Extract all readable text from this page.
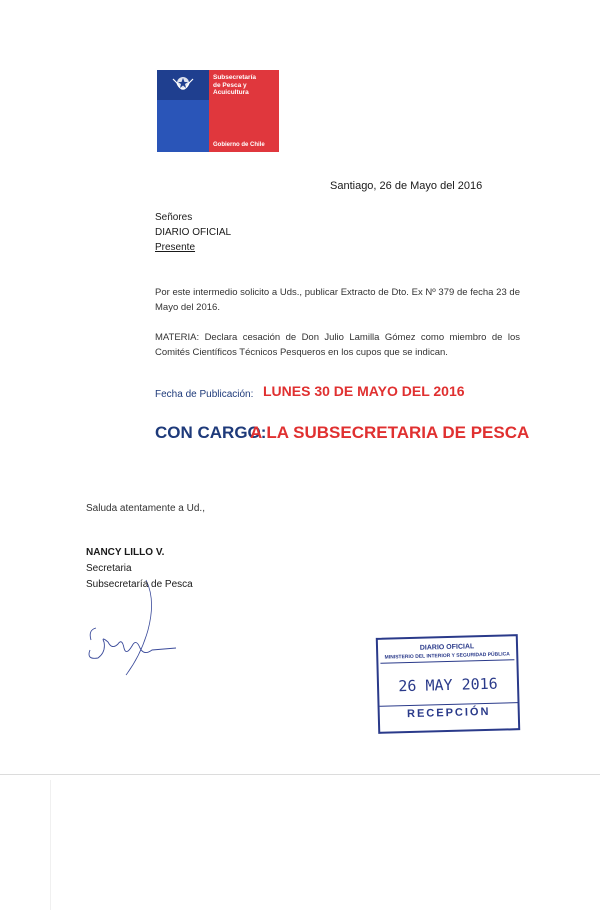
Subsecretaría
de Pesca y
Acuicultura
Gobierno de Chile
Santiago, 26 de Mayo del 2016
Señores
DIARIO OFICIAL
Presente
Por este intermedio solicito a Uds., publicar Extracto de Dto. Ex Nº 379 de fecha 23 de Mayo del 2016.
MATERIA: Declara cesación de Don Julio Lamilla Gómez como miembro de los Comités Científicos Técnicos Pesqueros en los cupos que se indican.
Fecha de Publicación: LUNES 30 DE MAYO DEL 2016
CON CARGO:
A LA SUBSECRETARIA DE PESCA
Saluda atentamente a Ud.,
NANCY LILLO V.
Secretaria
Subsecretaría de Pesca
DIARIO OFICIAL
MINISTERIO DEL INTERIOR Y SEGURIDAD PÚBLICA
26 MAY 2016
RECEPCIÓN
